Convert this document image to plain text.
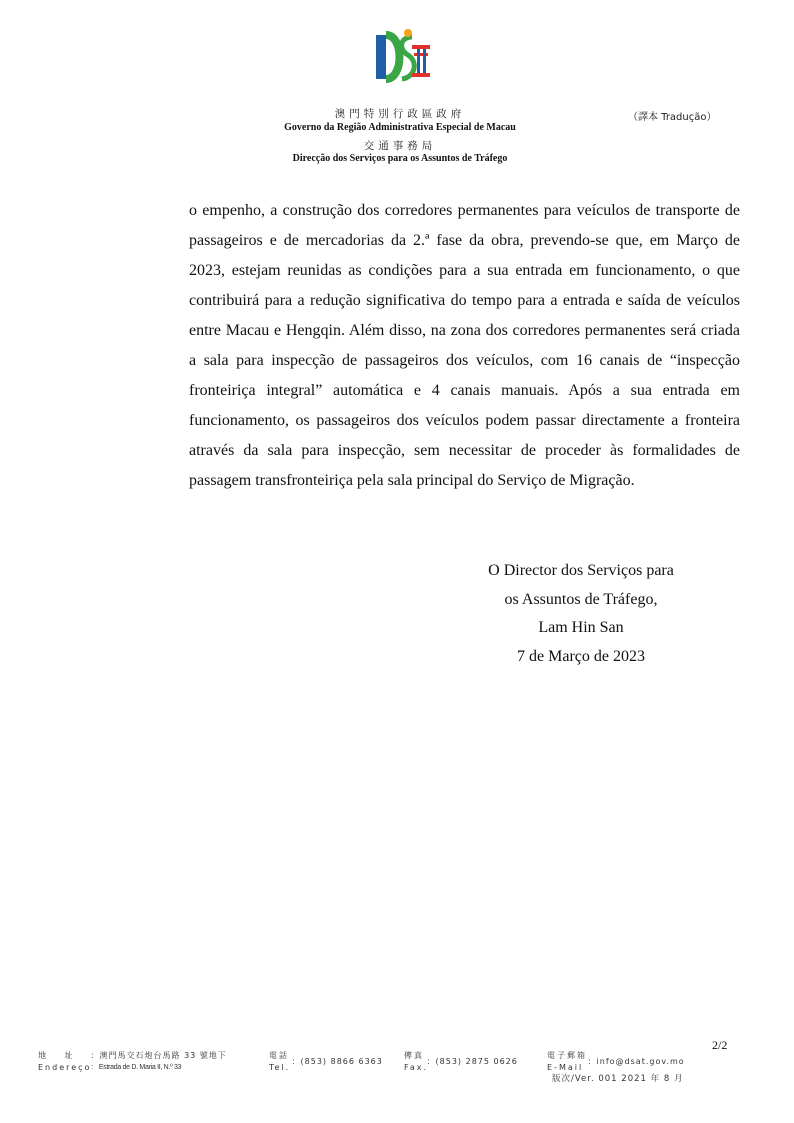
澳門特別行政區政府
Governo da Região Administrativa Especial de Macau
交通事務局
Direcção dos Serviços para os Assuntos de Tráfego
（譯本 Tradução）

o empenho, a construção dos corredores permanentes para veículos de transporte de passageiros e de mercadorias da 2.ª fase da obra, prevendo-se que, em Março de 2023, estejam reunidas as condições para a sua entrada em funcionamento, o que contribuirá para a redução significativa do tempo para a entrada e saída de veículos entre Macau e Hengqin. Além disso, na zona dos corredores permanentes será criada a sala para inspecção de passageiros dos veículos, com 16 canais de “inspecção fronteiriça integral” automática e 4 canais manuais. Após a sua entrada em funcionamento, os passageiros dos veículos podem passar directamente a fronteira através da sala para inspecção, sem necessitar de proceder às formalidades de passagem transfronteiriça pela sala principal do Serviço de Migração.

O Director dos Serviços para
os Assuntos de Tráfego,
Lam Hin San
7 de Março de 2023
2/2
地 址
Endereço

：澳門馬交石炮台馬路 33 號地下
： Estrada de D. Maria II, N.º 33
電話
Tel.
：(853) 8866 6363
傳真
Fax.
：(853) 2875 0626
電子郵箱
E-Mail
：info@dsat.gov.mo
版次/Ver. 001 2021 年 8 月
